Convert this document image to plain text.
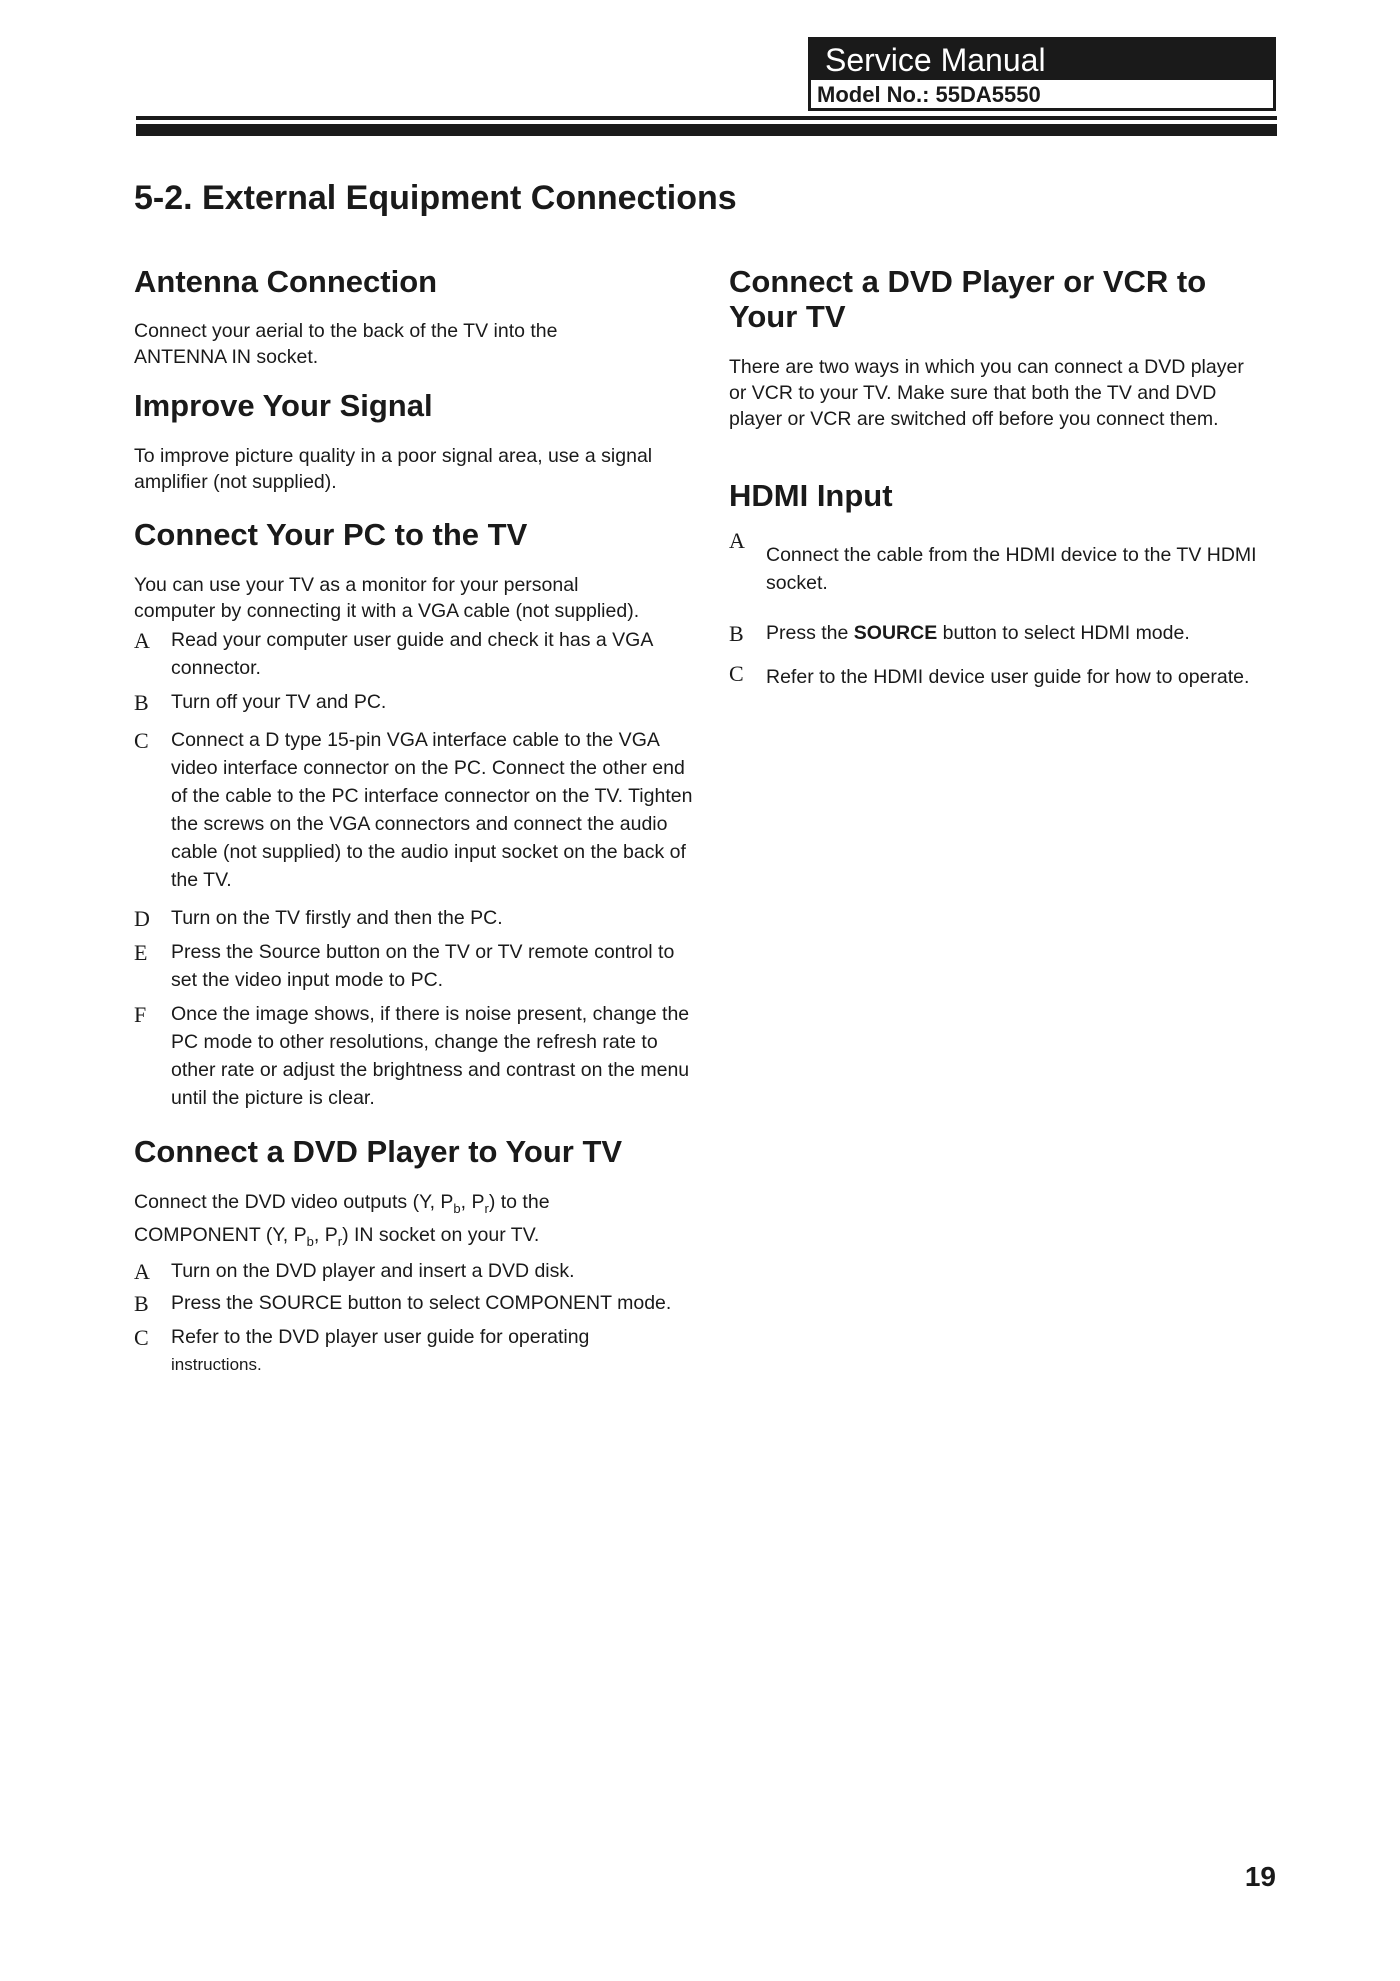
Service Manual
Model No.: 55DA5550
5-2. External Equipment Connections
Antenna Connection

Connect your aerial to the back of the TV into the ANTENNA IN socket.

Improve Your Signal

To improve picture quality in a poor signal area, use a signal amplifier (not supplied).

Connect Your PC to the TV

You can use your TV as a monitor for your personal computer by connecting it with a VGA cable (not supplied).

A Read your computer user guide and check it has a VGA connector.
B Turn off your TV and PC.
C Connect a D type 15-pin VGA interface cable to the VGA video interface connector on the PC. Connect the other end of the cable to the PC interface connector on the TV. Tighten the screws on the VGA connectors and connect the audio cable (not supplied) to the audio input socket on the back of the TV.
D Turn on the TV firstly and then the PC.
E Press the Source button on the TV or TV remote control to set the video input mode to PC.
F Once the image shows, if there is noise present, change the PC mode to other resolutions, change the refresh rate to other rate or adjust the brightness and contrast on the menu until the picture is clear.
Connect a DVD Player to Your TV

Connect the DVD video outputs (Y, $P_b$, $P_r$) to the COMPONENT (Y, $P_b$, $P_r$) IN socket on your TV.

A Turn on the DVD player and insert a DVD disk.
B Press the SOURCE button to select COMPONENT mode.
C Refer to the DVD player user guide for operating
instructions.
Connect a DVD Player or VCR to Your TV

There are two ways in which you can connect a DVD player or VCR to your TV. Make sure that both the TV and DVD player or VCR are switched off before you connect them.

HDMI Input
A
Connect the cable from the HDMI device to the TV HDMI socket.
B Press the SOURCE button to select HDMI mode.
C Refer to the HDMI device user guide for how to operate.
19
